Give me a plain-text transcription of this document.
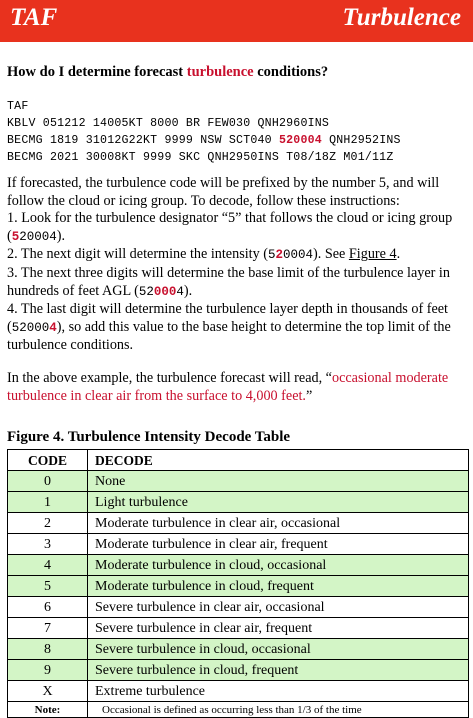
TAF	Turbulence
How do I determine forecast turbulence conditions?
TAF
KBLV 051212 14005KT 8000 BR FEW030 QNH2960INS
BECMG 1819 31012G22KT 9999 NSW SCT040 520004 QNH2952INS
BECMG 2021 30008KT 9999 SKC QNH2950INS T08/18Z M01/11Z
If forecasted, the turbulence code will be prefixed by the number 5, and will follow the cloud or icing group. To decode, follow these instructions:
1. Look for the turbulence designator “5” that follows the cloud or icing group (520004).
2. The next digit will determine the intensity (520004). See Figure 4.
3. The next three digits will determine the base limit of the turbulence layer in hundreds of feet AGL (520004).
4. The last digit will determine the turbulence layer depth in thousands of feet (520004), so add this value to the base height to determine the top limit of the turbulence conditions.
In the above example, the turbulence forecast will read, “occasional moderate turbulence in clear air from the surface to 4,000 feet.”
Figure 4. Turbulence Intensity Decode Table
CODE	DECODE
0	None
1	Light turbulence
2	Moderate turbulence in clear air, occasional
3	Moderate turbulence in clear air, frequent
4	Moderate turbulence in cloud, occasional
5	Moderate turbulence in cloud, frequent
6	Severe turbulence in clear air, occasional
7	Severe turbulence in clear air, frequent
8	Severe turbulence in cloud, occasional
9	Severe turbulence in cloud, frequent
X	Extreme turbulence
Note:	Occasional is defined as occurring less than 1/3 of the time
